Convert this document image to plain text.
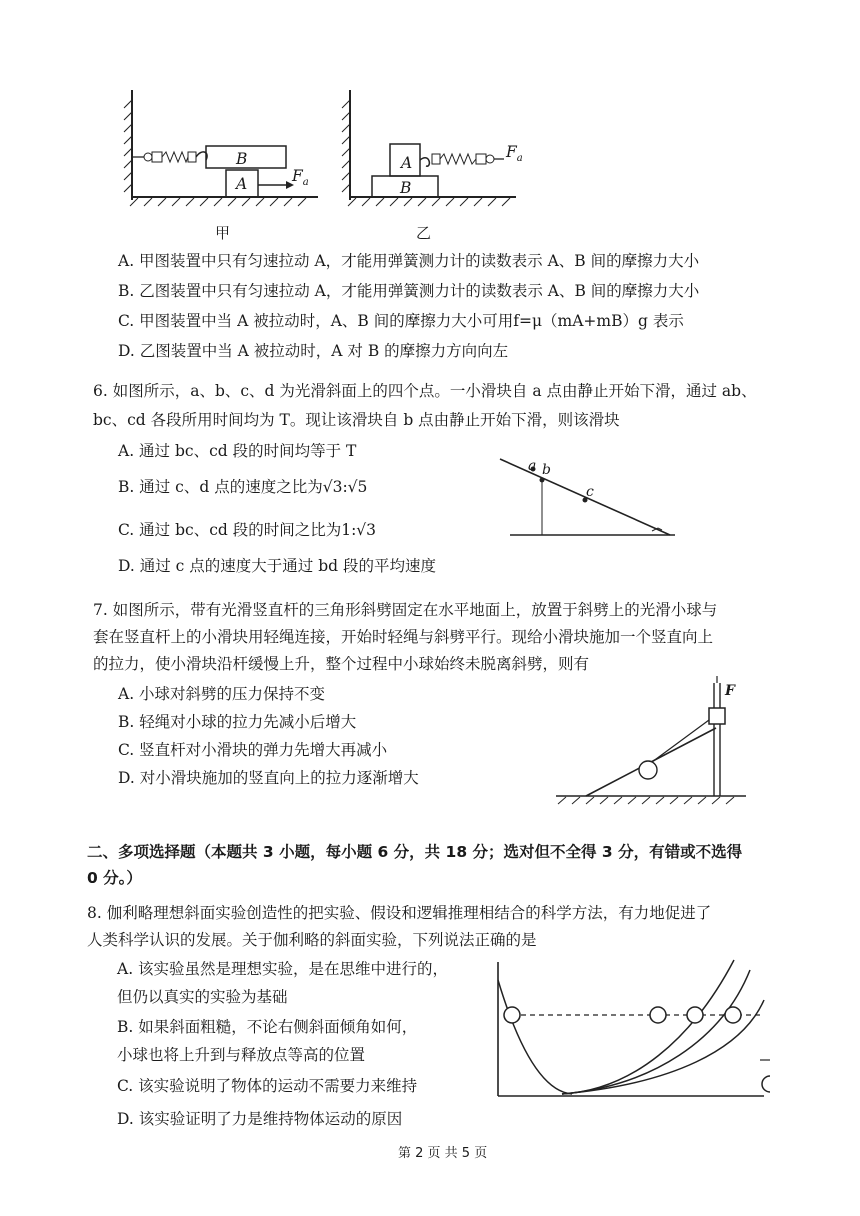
B
A	$F_a$
甲
A
B
$F_a$
乙
A. 甲图装置中只有匀速拉动 A，才能用弹簧测力计的读数表示 A、B 间的摩擦力大小
B. 乙图装置中只有匀速拉动 A，才能用弹簧测力计的读数表示 A、B 间的摩擦力大小
C. 甲图装置中当 A 被拉动时，A、B 间的摩擦力大小可用f=μ（mA+mB）g 表示
D. 乙图装置中当 A 被拉动时，A 对 B 的摩擦力方向向左
6. 如图所示，a、b、c、d 为光滑斜面上的四个点。一小滑块自 a 点由静止开始下滑，通过 ab、
bc、cd 各段所用时间均为 T。现让该滑块自 b 点由静止开始下滑，则该滑块
A. 通过 bc、cd 段的时间均等于 T
B. 通过 c、d 点的速度之比为√3:√5
C. 通过 bc、cd 段的时间之比为1:√3
D. 通过 c 点的速度大于通过 bd 段的平均速度
a b
c
7. 如图所示，带有光滑竖直杆的三角形斜劈固定在水平地面上，放置于斜劈上的光滑小球与
套在竖直杆上的小滑块用轻绳连接，开始时轻绳与斜劈平行。现给小滑块施加一个竖直向上
的拉力，使小滑块沿杆缓慢上升，整个过程中小球始终未脱离斜劈，则有
A. 小球对斜劈的压力保持不变
B. 轻绳对小球的拉力先减小后增大
C. 竖直杆对小滑块的弹力先增大再减小
D. 对小滑块施加的竖直向上的拉力逐渐增大
F
二、多项选择题（本题共 3 小题，每小题 6 分，共 18 分；选对但不全得 3 分，有错或不选得
0 分。）
8. 伽利略理想斜面实验创造性的把实验、假设和逻辑推理相结合的科学方法，有力地促进了
人类科学认识的发展。关于伽利略的斜面实验，下列说法正确的是
A. 该实验虽然是理想实验，是在思维中进行的，
但仍以真实的实验为基础
B. 如果斜面粗糙，不论右侧斜面倾角如何，
小球也将上升到与释放点等高的位置
C. 该实验说明了物体的运动不需要力来维持
D. 该实验证明了力是维持物体运动的原因
第 2 页 共 5 页
